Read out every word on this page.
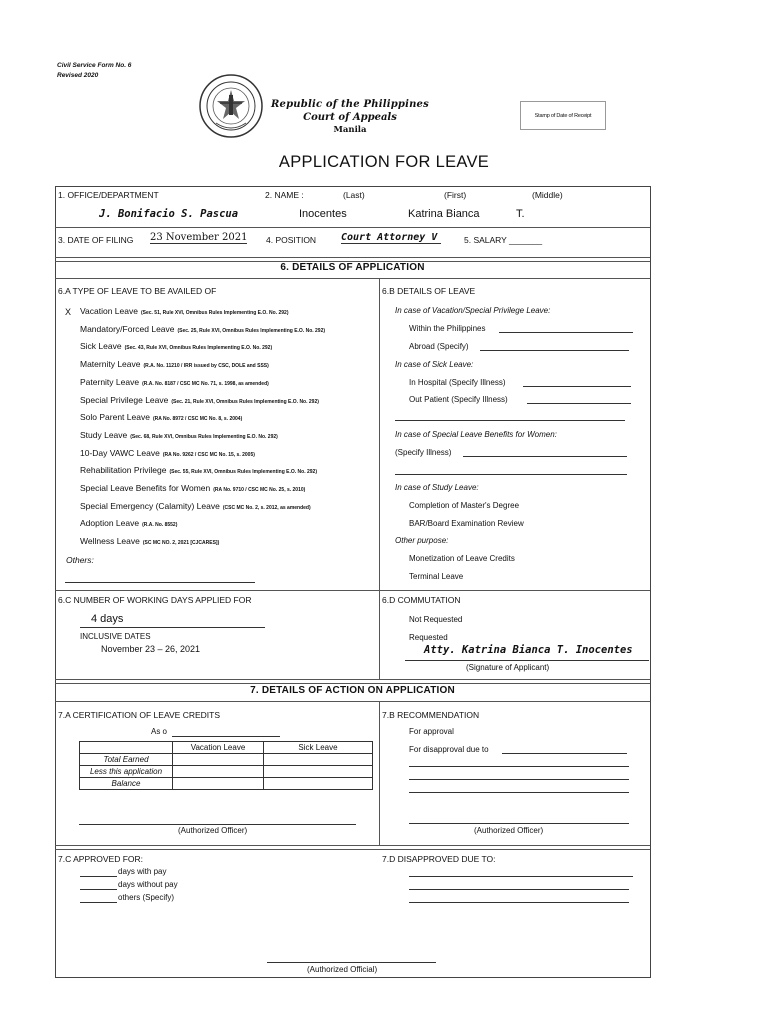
Civil Service Form No. 6
Revised 2020
Republic of the Philippines
Court of Appeals
Manila
Stamp of Date of Receipt
APPLICATION FOR LEAVE
1. OFFICE/DEPARTMENT	2. NAME :	(Last)	(First)	(Middle)
J. Bonifacio S. Pascua	Inocentes	Katrina Bianca	T.
3. DATE OF FILING 23 November 2021 4. POSITION Court Attorney V	5. SALARY _______
6. DETAILS OF APPLICATION
6.A TYPE OF LEAVE TO BE AVAILED OF	6.B DETAILS OF LEAVE
X Vacation Leave (Sec. 51, Rule XVI, Omnibus Rules Implementing E.O. No. 292)
Mandatory/Forced Leave (Sec. 25, Rule XVI, Omnibus Rules Implementing E.O. No. 292)
Sick Leave (Sec. 43, Rule XVI, Omnibus Rules Implementing E.O. No. 292)
Maternity Leave (R.A. No. 11210 / IRR issued by CSC, DOLE and SSS)
Paternity Leave (R.A. No. 8187 / CSC MC No. 71, s. 1998, as amended)
Special Privilege Leave (Sec. 21, Rule XVI, Omnibus Rules Implementing E.O. No. 292)
Solo Parent Leave (RA No. 8972 / CSC MC No. 8, s. 2004)
Study Leave (Sec. 68, Rule XVI, Omnibus Rules Implementing E.O. No. 292)
10-Day VAWC Leave (RA No. 9262 / CSC MC No. 15, s. 2005)
Rehabilitation Privilege (Sec. 55, Rule XVI, Omnibus Rules Implementing E.O. No. 292)
Special Leave Benefits for Women (RA No. 9710 / CSC MC No. 25, s. 2010)
Special Emergency (Calamity) Leave (CSC MC No. 2, s. 2012, as amended)
Adoption Leave (R.A. No. 8552)
Wellness Leave (SC MC NO. 2, 2021 [CJCARES])
Others:
In case of Vacation/Special Privilege Leave:
Within the Philippines
Abroad (Specify)
In case of Sick Leave:
In Hospital (Specify Illness)
Out Patient (Specify Illness)
In case of Special Leave Benefits for Women:
(Specify Illness)
In case of Study Leave:
Completion of Master's Degree
BAR/Board Examination Review
Other purpose:
Monetization of Leave Credits
Terminal Leave
6.C NUMBER OF WORKING DAYS APPLIED FOR
4 days
INCLUSIVE DATES
November 23 – 26, 2021
6.D COMMUTATION
Not Requested
Requested
Atty. Katrina Bianca T. Inocentes
(Signature of Applicant)
7. DETAILS OF ACTION ON APPLICATION
7.A CERTIFICATION OF LEAVE CREDITS
As o
	Vacation Leave	Sick Leave
Total Earned		
Less this application		
Balance		
(Authorized Officer)
7.B RECOMMENDATION
For approval
For disapproval due to
(Authorized Officer)
7.C APPROVED FOR:
days with pay
days without pay
others (Specify)
7.D DISAPPROVED DUE TO:
(Authorized Official)
